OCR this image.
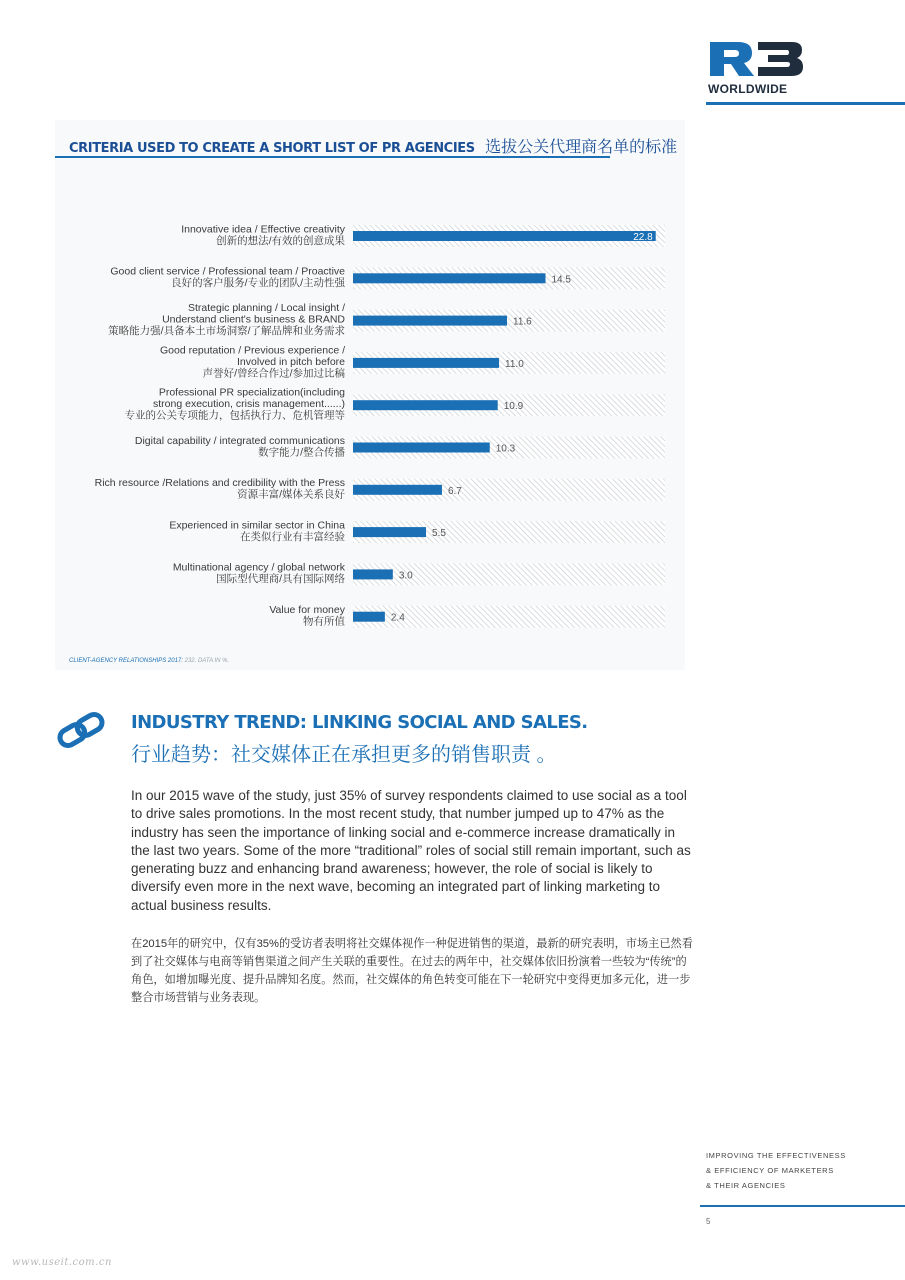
WORLDWIDE
CRITERIA USED TO CREATE A SHORT LIST OF PR AGENCIES 选拔公关代理商名单的标准
22.8
Innovative idea / Effective creativity
创新的想法/有效的创意成果
14.5
Good client service / Professional team / Proactive
良好的客户服务/专业的团队/主动性强
11.6
Strategic planning / Local insight /
Understand client's business & BRAND
策略能力强/具备本土市场洞察/了解品牌和业务需求
11.0
Good reputation / Previous experience /
Involved in pitch before
声誉好/曾经合作过/参加过比稿
10.9
Professional PR specialization(including
strong execution, crisis management......)
专业的公关专项能力，包括执行力、危机管理等
10.3
Digital capability / integrated communications
数字能力/整合传播
6.7
Rich resource /Relations and credibility with the Press
资源丰富/媒体关系良好
5.5
Experienced in similar sector in China
在类似行业有丰富经验
3.0
Multinational agency / global network
国际型代理商/具有国际网络
2.4
Value for money
物有所值
CLIENT-AGENCY RELATIONSHIPS 2017: 232. DATA IN %.
INDUSTRY TREND: LINKING SOCIAL AND SALES.
行业趋势：社交媒体正在承担更多的销售职责 。
In our 2015 wave of the study, just 35% of survey respondents claimed to use social as a tool to drive sales promotions. In the most recent study, that number jumped up to 47% as the industry has seen the importance of linking social and e-commerce increase dramatically in the last two years. Some of the more “traditional” roles of social still remain important, such as generating buzz and enhancing brand awareness; however, the role of social is likely to diversify even more in the next wave, becoming an integrated part of linking marketing to actual business results.
在2015年的研究中，仅有35%的受访者表明将社交媒体视作一种促进销售的渠道，最新的研究表明，市场主已然看到了社交媒体与电商等销售渠道之间产生关联的重要性。在过去的两年中，社交媒体依旧扮演着一些较为“传统”的角色，如增加曝光度、提升品牌知名度。然而，社交媒体的角色转变可能在下一轮研究中变得更加多元化，进一步整合市场营销与业务表现。
IMPROVING THE EFFECTIVENESS
& EFFICIENCY OF MARKETERS
& THEIR AGENCIES
5
www.useit.com.cn
